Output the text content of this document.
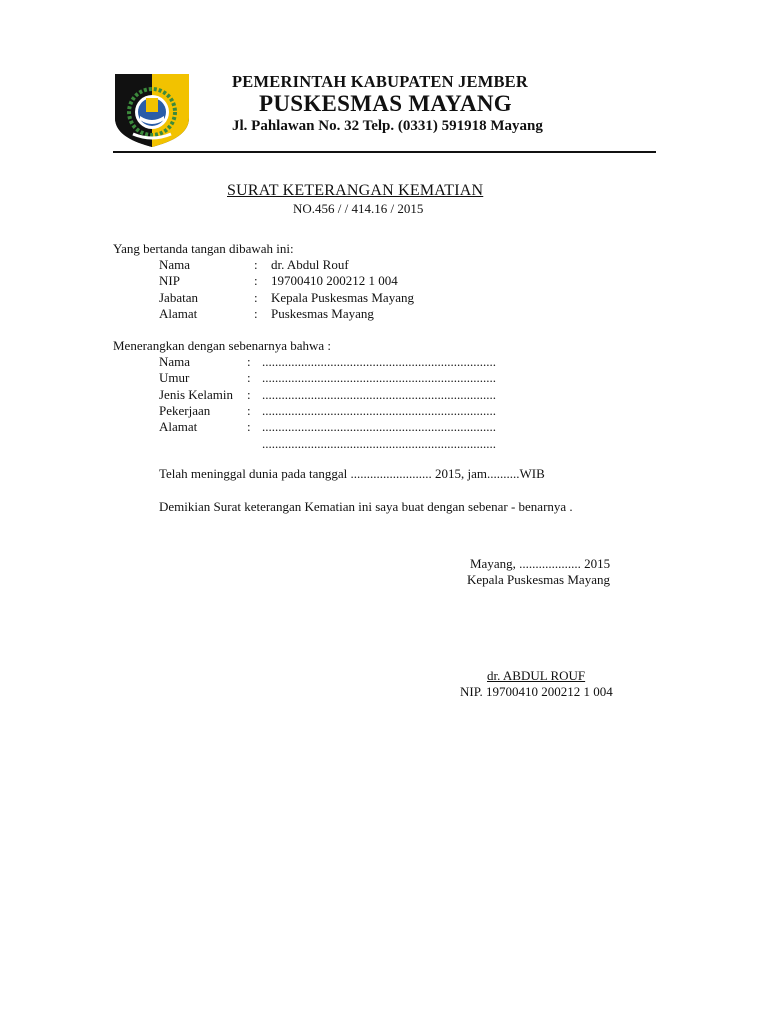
PEMERINTAH KABUPATEN JEMBER
PUSKESMAS MAYANG
Jl. Pahlawan No. 32 Telp. (0331) 591918 Mayang
SURAT KETERANGAN KEMATIAN
NO.456 / / 414.16 / 2015
Yang bertanda tangan dibawah ini:
Nama	: dr. Abdul Rouf
NIP	: 19700410 200212 1 004
Jabatan	: Kepala Puskesmas Mayang
Alamat	: Puskesmas Mayang
Menerangkan dengan sebenarnya bahwa :
Nama	: ........................................................................
Umur	: ........................................................................
Jenis Kelamin : ........................................................................
Pekerjaan	: ........................................................................
Alamat	: ........................................................................
........................................................................
Telah meninggal dunia pada tanggal ......................... 2015, jam..........WIB
Demikian Surat keterangan Kematian ini saya buat dengan sebenar - benarnya .
Mayang, ................... 2015
Kepala Puskesmas Mayang
dr. ABDUL ROUF
NIP. 19700410 200212 1 004
